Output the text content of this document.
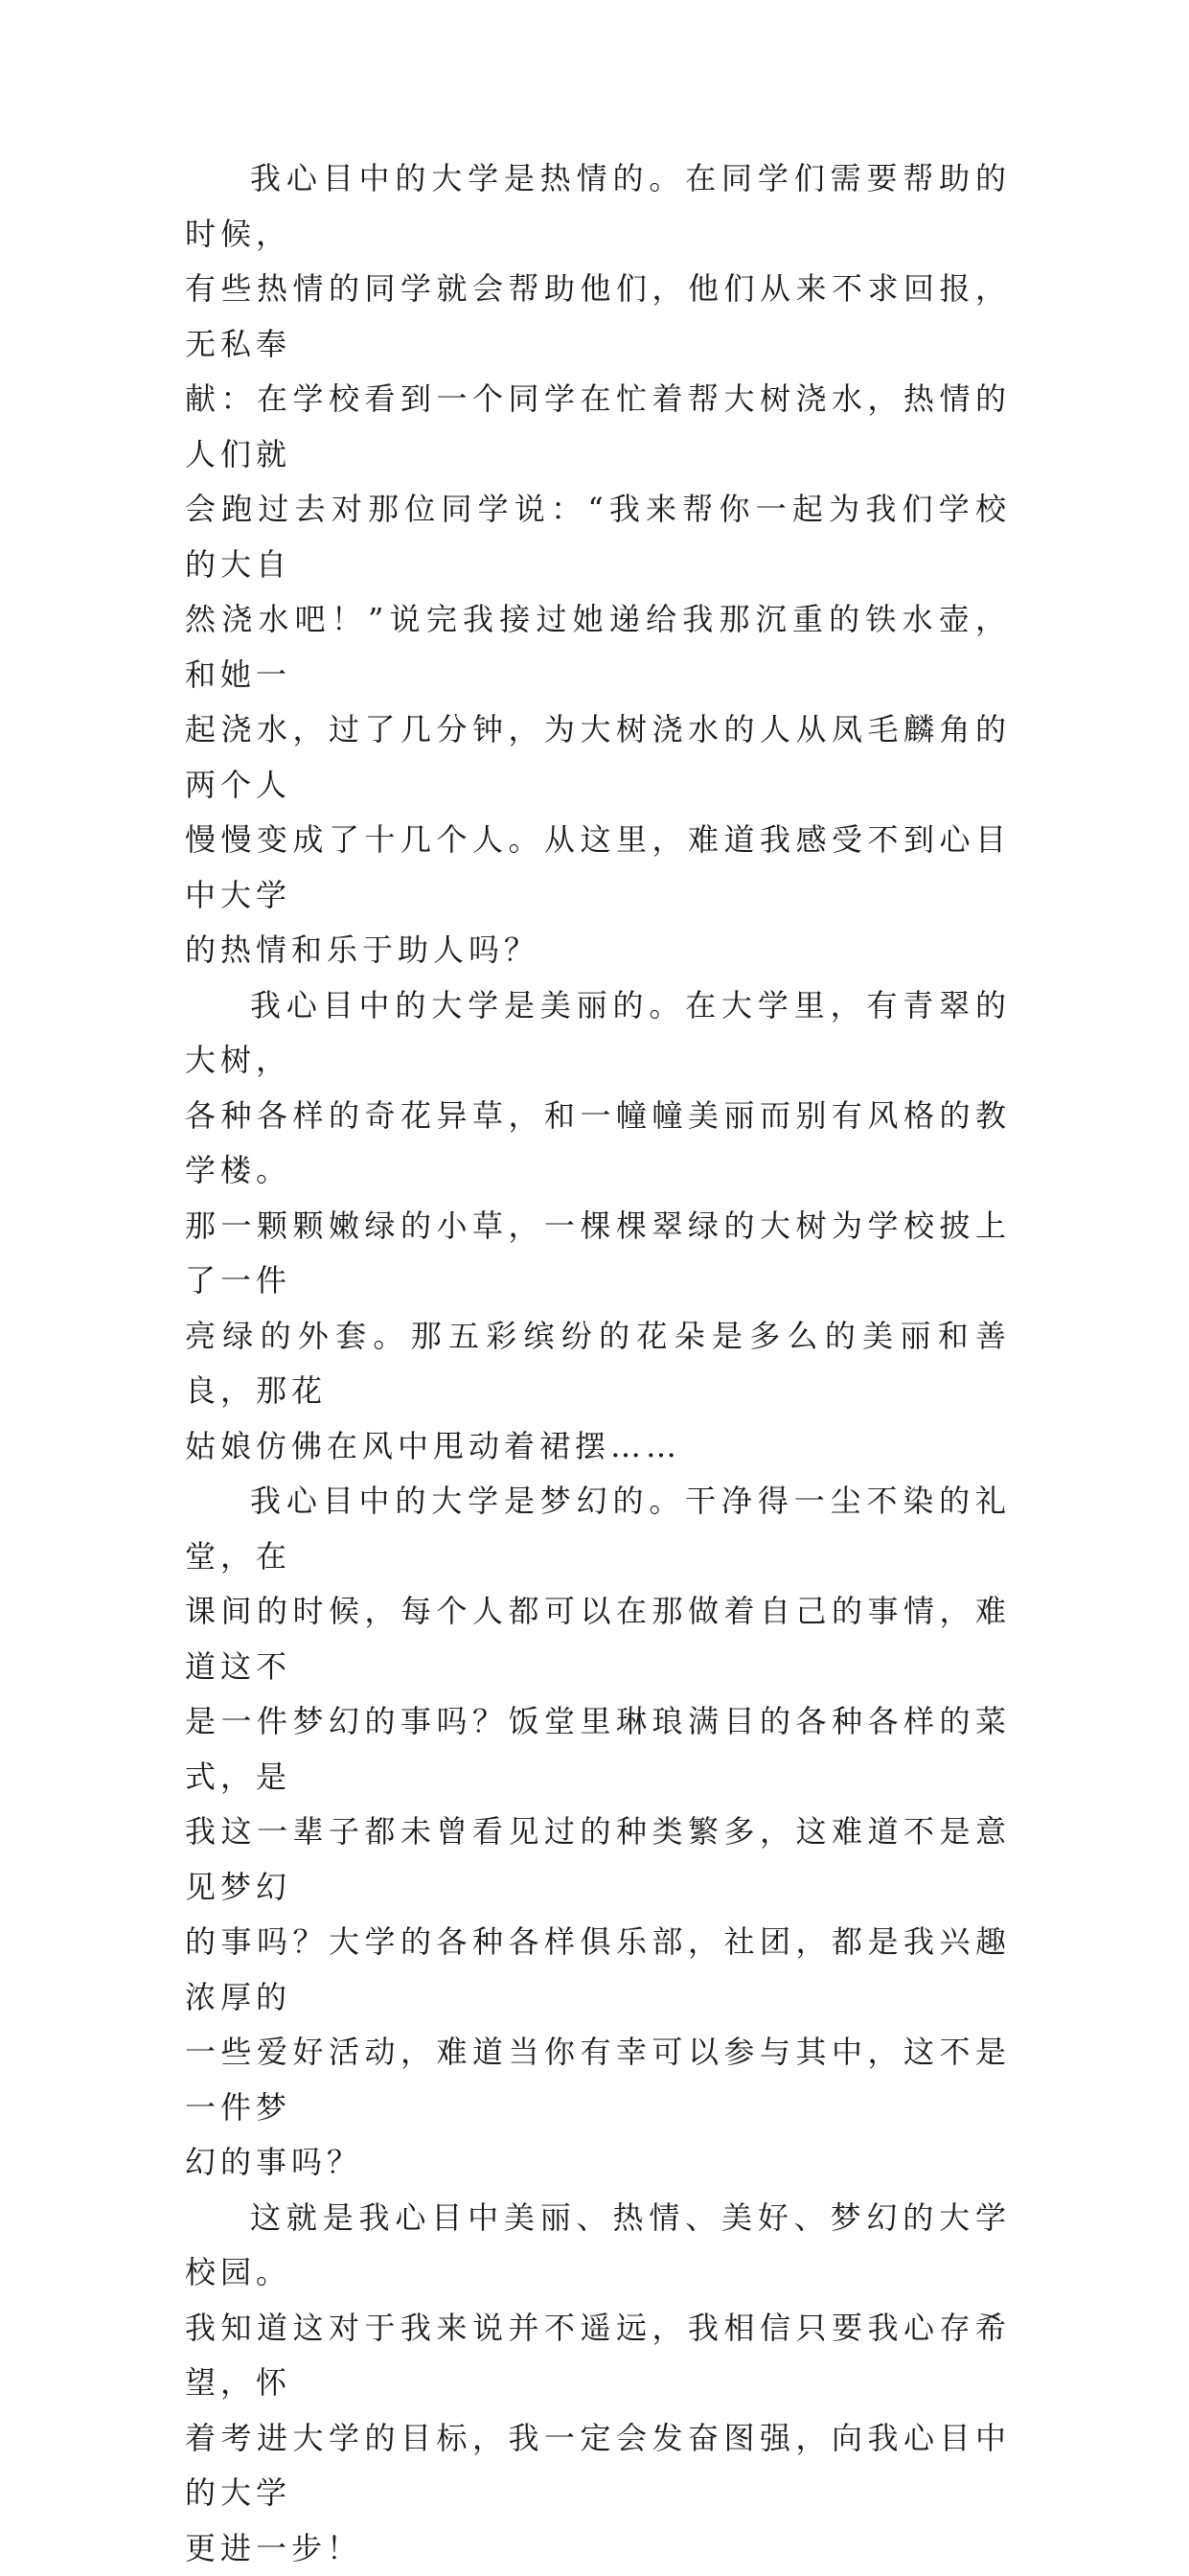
我心目中的大学是热情的。在同学们需要帮助的时候，
有些热情的同学就会帮助他们，他们从来不求回报，无私奉
献：在学校看到一个同学在忙着帮大树浇水，热情的人们就
会跑过去对那位同学说：“我来帮你一起为我们学校的大自
然浇水吧！”说完我接过她递给我那沉重的铁水壶，和她一
起浇水，过了几分钟，为大树浇水的人从凤毛麟角的两个人
慢慢变成了十几个人。从这里，难道我感受不到心目中大学
的热情和乐于助人吗？

我心目中的大学是美丽的。在大学里，有青翠的大树，
各种各样的奇花异草，和一幢幢美丽而别有风格的教学楼。
那一颗颗嫩绿的小草，一棵棵翠绿的大树为学校披上了一件
亮绿的外套。那五彩缤纷的花朵是多么的美丽和善良，那花
姑娘仿佛在风中甩动着裙摆……

我心目中的大学是梦幻的。干净得一尘不染的礼堂，在
课间的时候，每个人都可以在那做着自己的事情，难道这不
是一件梦幻的事吗？饭堂里琳琅满目的各种各样的菜式，是
我这一辈子都未曾看见过的种类繁多，这难道不是意见梦幻
的事吗？大学的各种各样俱乐部，社团，都是我兴趣浓厚的
一些爱好活动，难道当你有幸可以参与其中，这不是一件梦
幻的事吗？

这就是我心目中美丽、热情、美好、梦幻的大学校园。
我知道这对于我来说并不遥远，我相信只要我心存希望，怀
着考进大学的目标，我一定会发奋图强，向我心目中的大学
更进一步！
